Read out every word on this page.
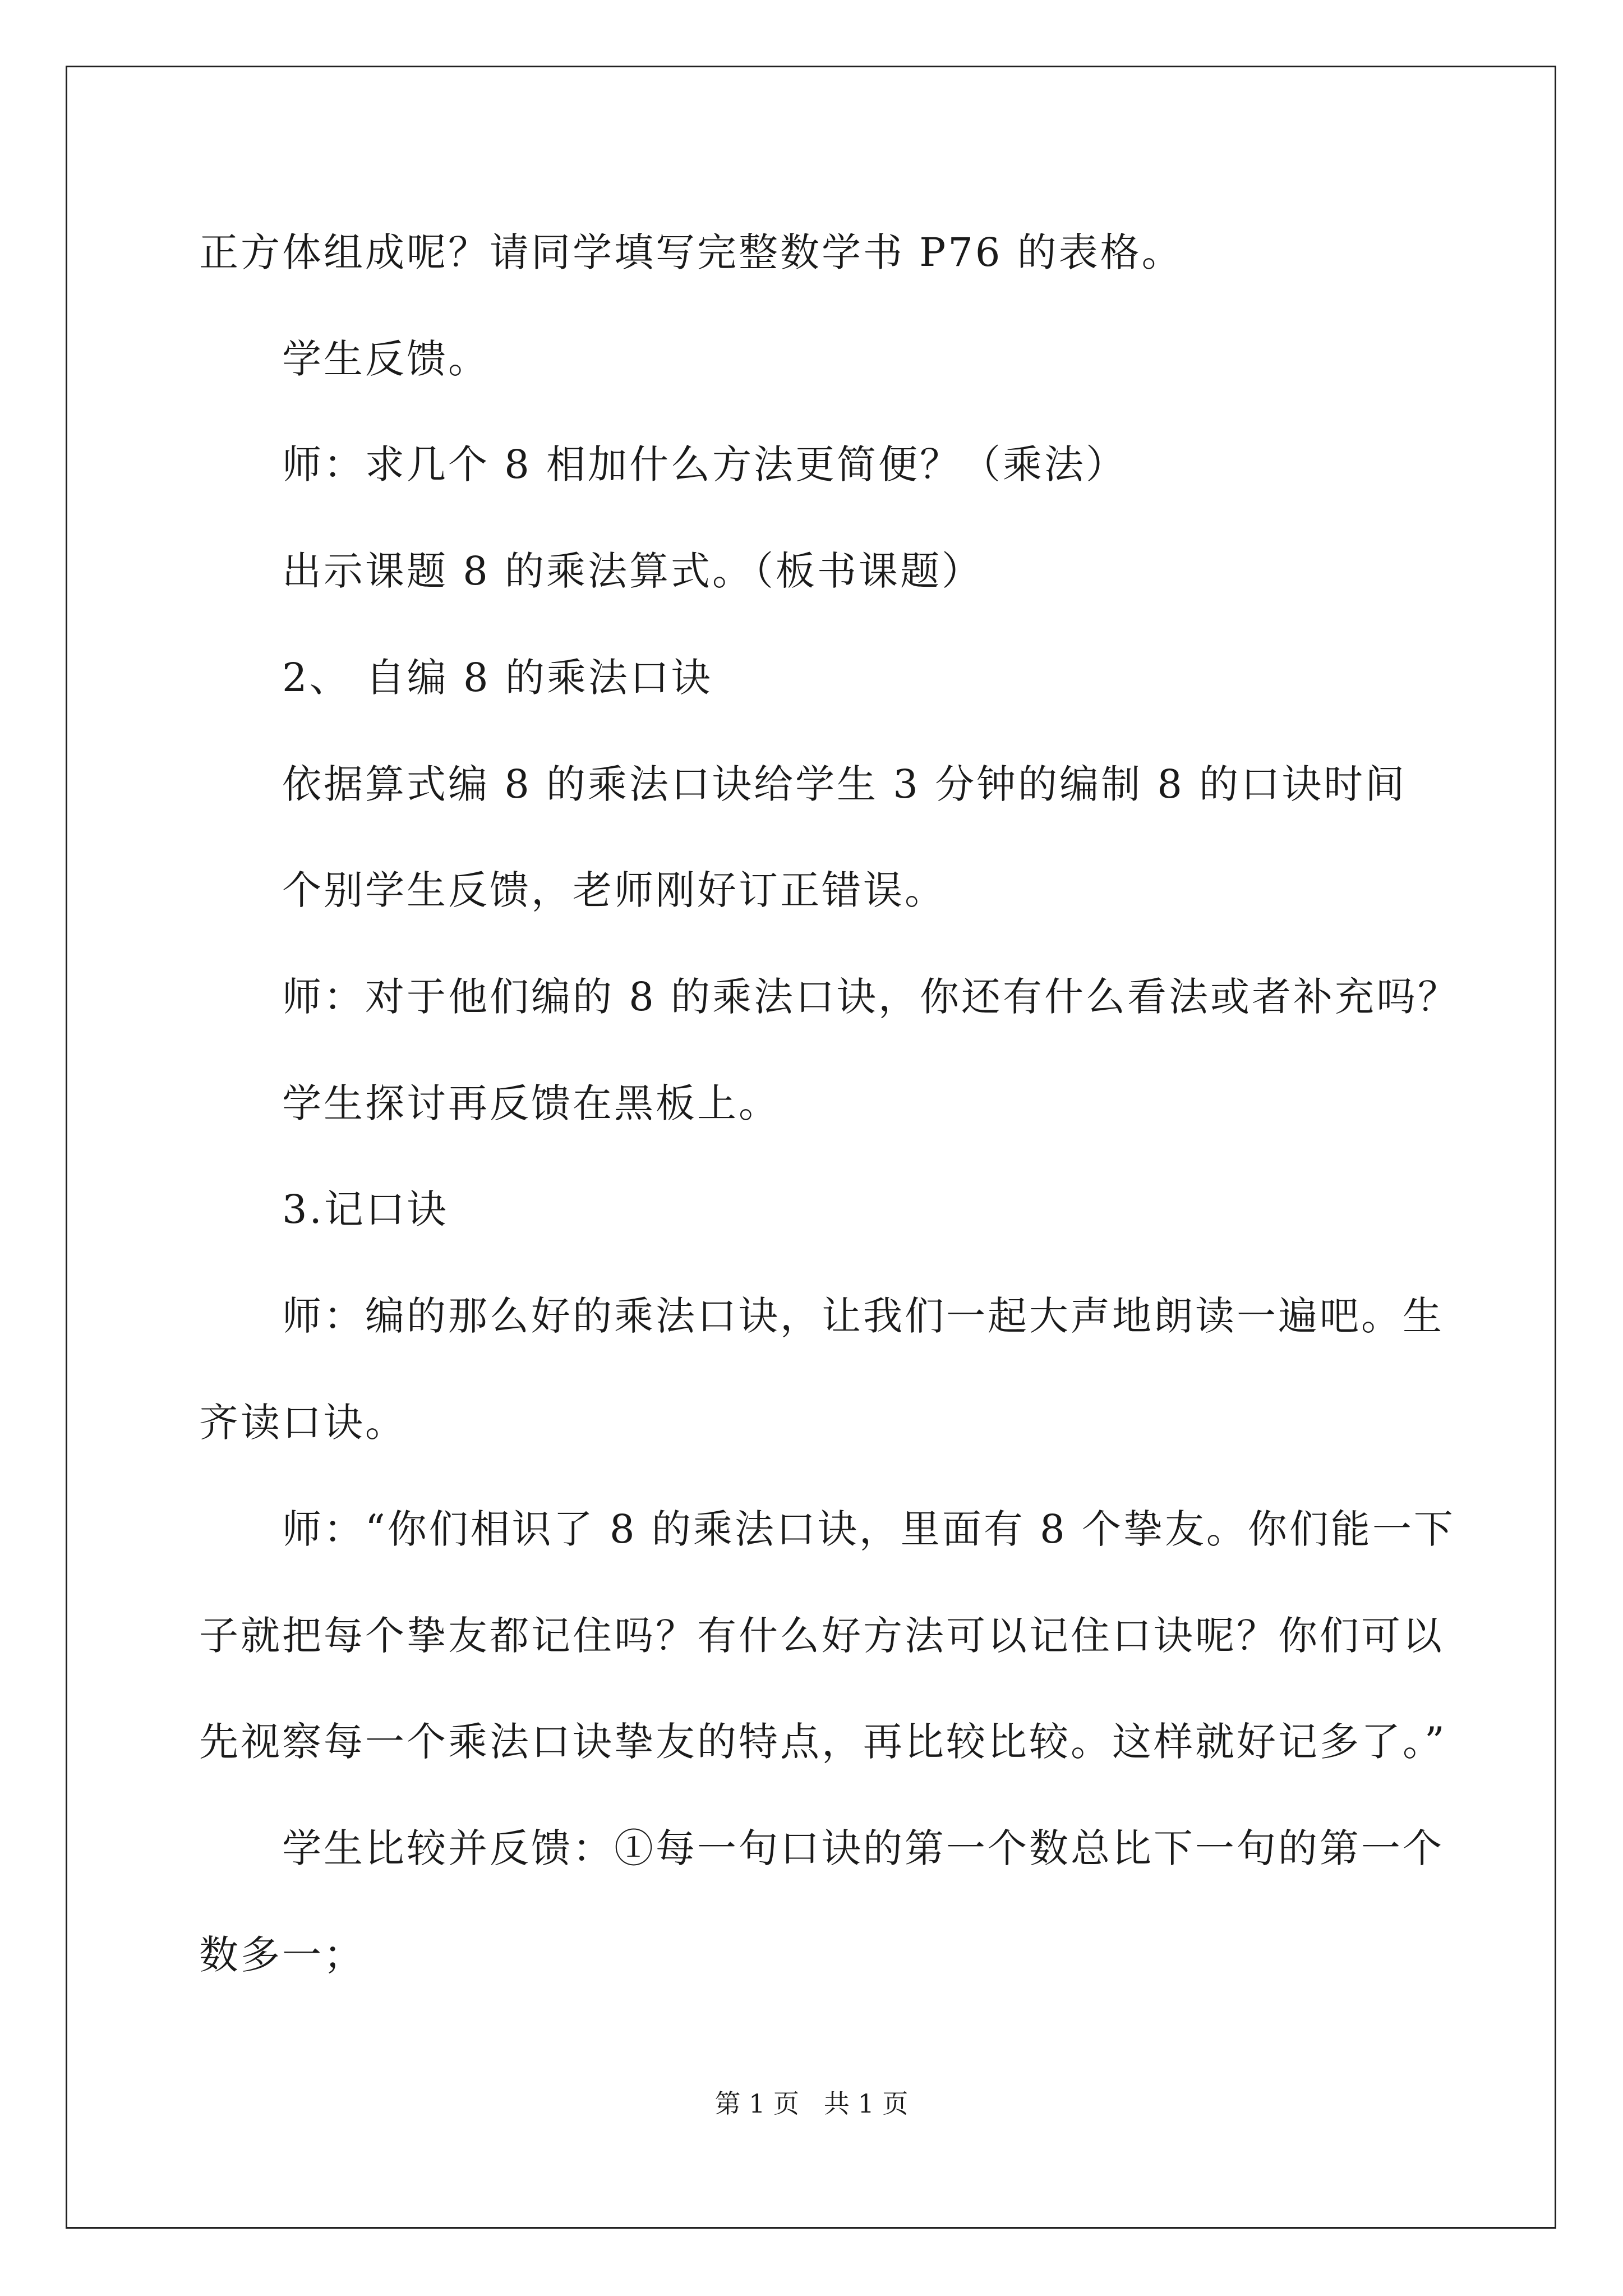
正方体组成呢？请同学填写完整数学书 P76 的表格。
学生反馈。
师：求几个 8 相加什么方法更简便？（乘法）
出示课题 8 的乘法算式。（板书课题）
2、 自编 8 的乘法口诀
依据算式编 8 的乘法口诀给学生 3 分钟的编制 8 的口诀时间
个别学生反馈，老师刚好订正错误。
师：对于他们编的 8 的乘法口诀，你还有什么看法或者补充吗？
学生探讨再反馈在黑板上。
3.记口诀
师：编的那么好的乘法口诀，让我们一起大声地朗读一遍吧。生
齐读口诀。
师：“你们相识了 8 的乘法口诀，里面有 8 个挚友。你们能一下
子就把每个挚友都记住吗？有什么好方法可以记住口诀呢？你们可以
先视察每一个乘法口诀挚友的特点，再比较比较。这样就好记多了。”
学生比较并反馈：①每一句口诀的第一个数总比下一句的第一个
数多一；
第 1 页   共 1 页
